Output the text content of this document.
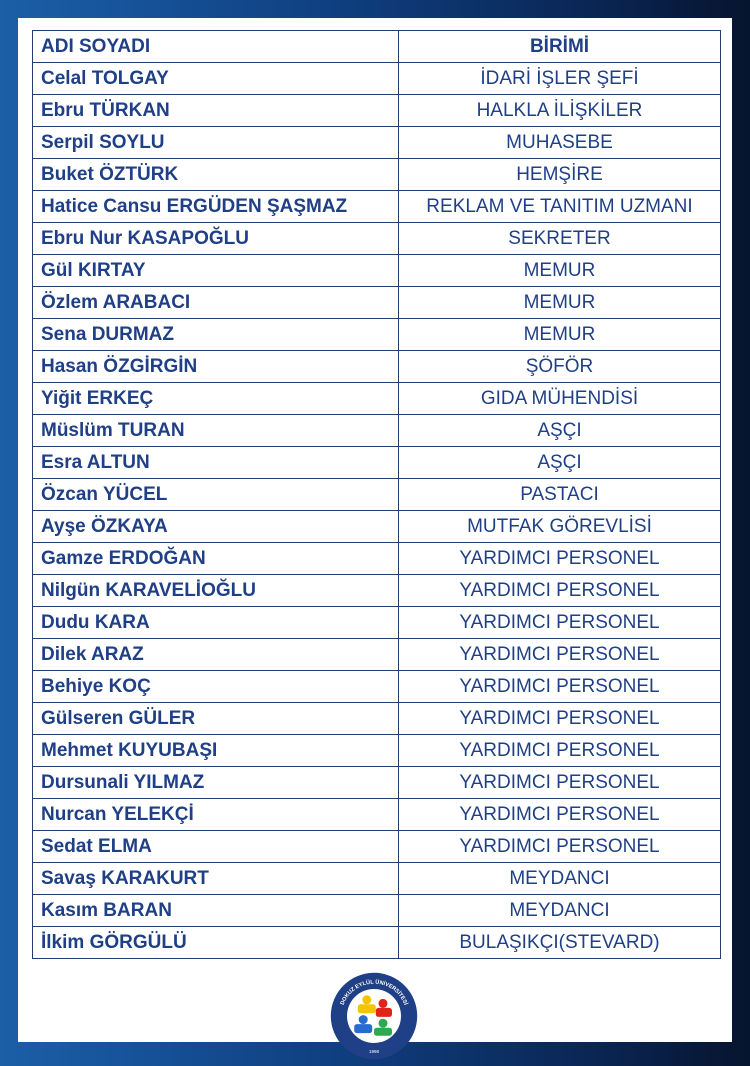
ADI SOYADI	BİRİMİ
Celal TOLGAY	İDARİ İŞLER ŞEFİ
Ebru TÜRKAN	HALKLA İLİŞKİLER
Serpil SOYLU	MUHASEBE
Buket ÖZTÜRK	HEMŞİRE
Hatice Cansu ERGÜDEN ŞAŞMAZ	REKLAM VE TANITIM UZMANI
Ebru Nur KASAPOĞLU	SEKRETER
Gül KIRTAY	MEMUR
Özlem ARABACI	MEMUR
Sena DURMAZ	MEMUR
Hasan ÖZGİRGİN	ŞÖFÖR
Yiğit ERKEÇ	GIDA MÜHENDİSİ
Müslüm TURAN	AŞÇI
Esra ALTUN	AŞÇI
Özcan YÜCEL	PASTACI
Ayşe ÖZKAYA	MUTFAK GÖREVLİSİ
Gamze ERDOĞAN	YARDIMCI PERSONEL
Nilgün KARAVELİOĞLU	YARDIMCI PERSONEL
Dudu KARA	YARDIMCI PERSONEL
Dilek ARAZ	YARDIMCI PERSONEL
Behiye KOÇ	YARDIMCI PERSONEL
Gülseren GÜLER	YARDIMCI PERSONEL
Mehmet KUYUBAŞI	YARDIMCI PERSONEL
Dursunali YILMAZ	YARDIMCI PERSONEL
Nurcan YELEKÇİ	YARDIMCI PERSONEL
Sedat ELMA	YARDIMCI PERSONEL
Savaş KARAKURT	MEYDANCI
Kasım BARAN	MEYDANCI
İlkim GÖRGÜLÜ	BULAŞIKÇI(STEVARD)
DOKUZ EYLÜL ÜNİVERSİTESİ
1998
